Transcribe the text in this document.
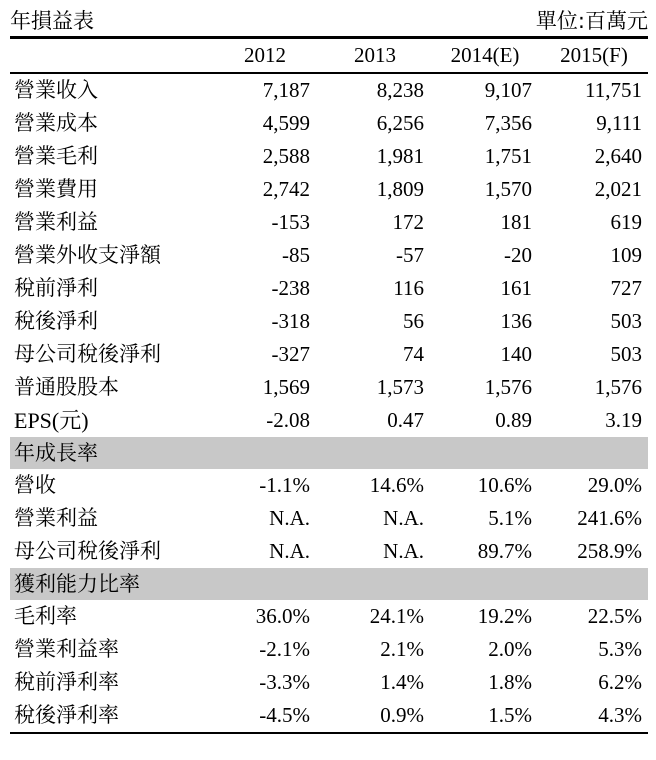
年損益表	單位:百萬元
	2012	2013	2014(E)	2015(F)
營業收入	7,187	8,238	9,107	11,751
營業成本	4,599	6,256	7,356	9,111
營業毛利	2,588	1,981	1,751	2,640
營業費用	2,742	1,809	1,570	2,021
營業利益	-153	172	181	619
營業外收支淨額	-85	-57	-20	109
稅前淨利	-238	116	161	727
稅後淨利	-318	56	136	503
母公司稅後淨利	-327	74	140	503
普通股股本	1,569	1,573	1,576	1,576
EPS(元)	-2.08	0.47	0.89	3.19
年成長率				
營收	-1.1%	14.6%	10.6%	29.0%
營業利益	N.A.	N.A.	5.1%	241.6%
母公司稅後淨利	N.A.	N.A.	89.7%	258.9%
獲利能力比率				
毛利率	36.0%	24.1%	19.2%	22.5%
營業利益率	-2.1%	2.1%	2.0%	5.3%
稅前淨利率	-3.3%	1.4%	1.8%	6.2%
稅後淨利率	-4.5%	0.9%	1.5%	4.3%
